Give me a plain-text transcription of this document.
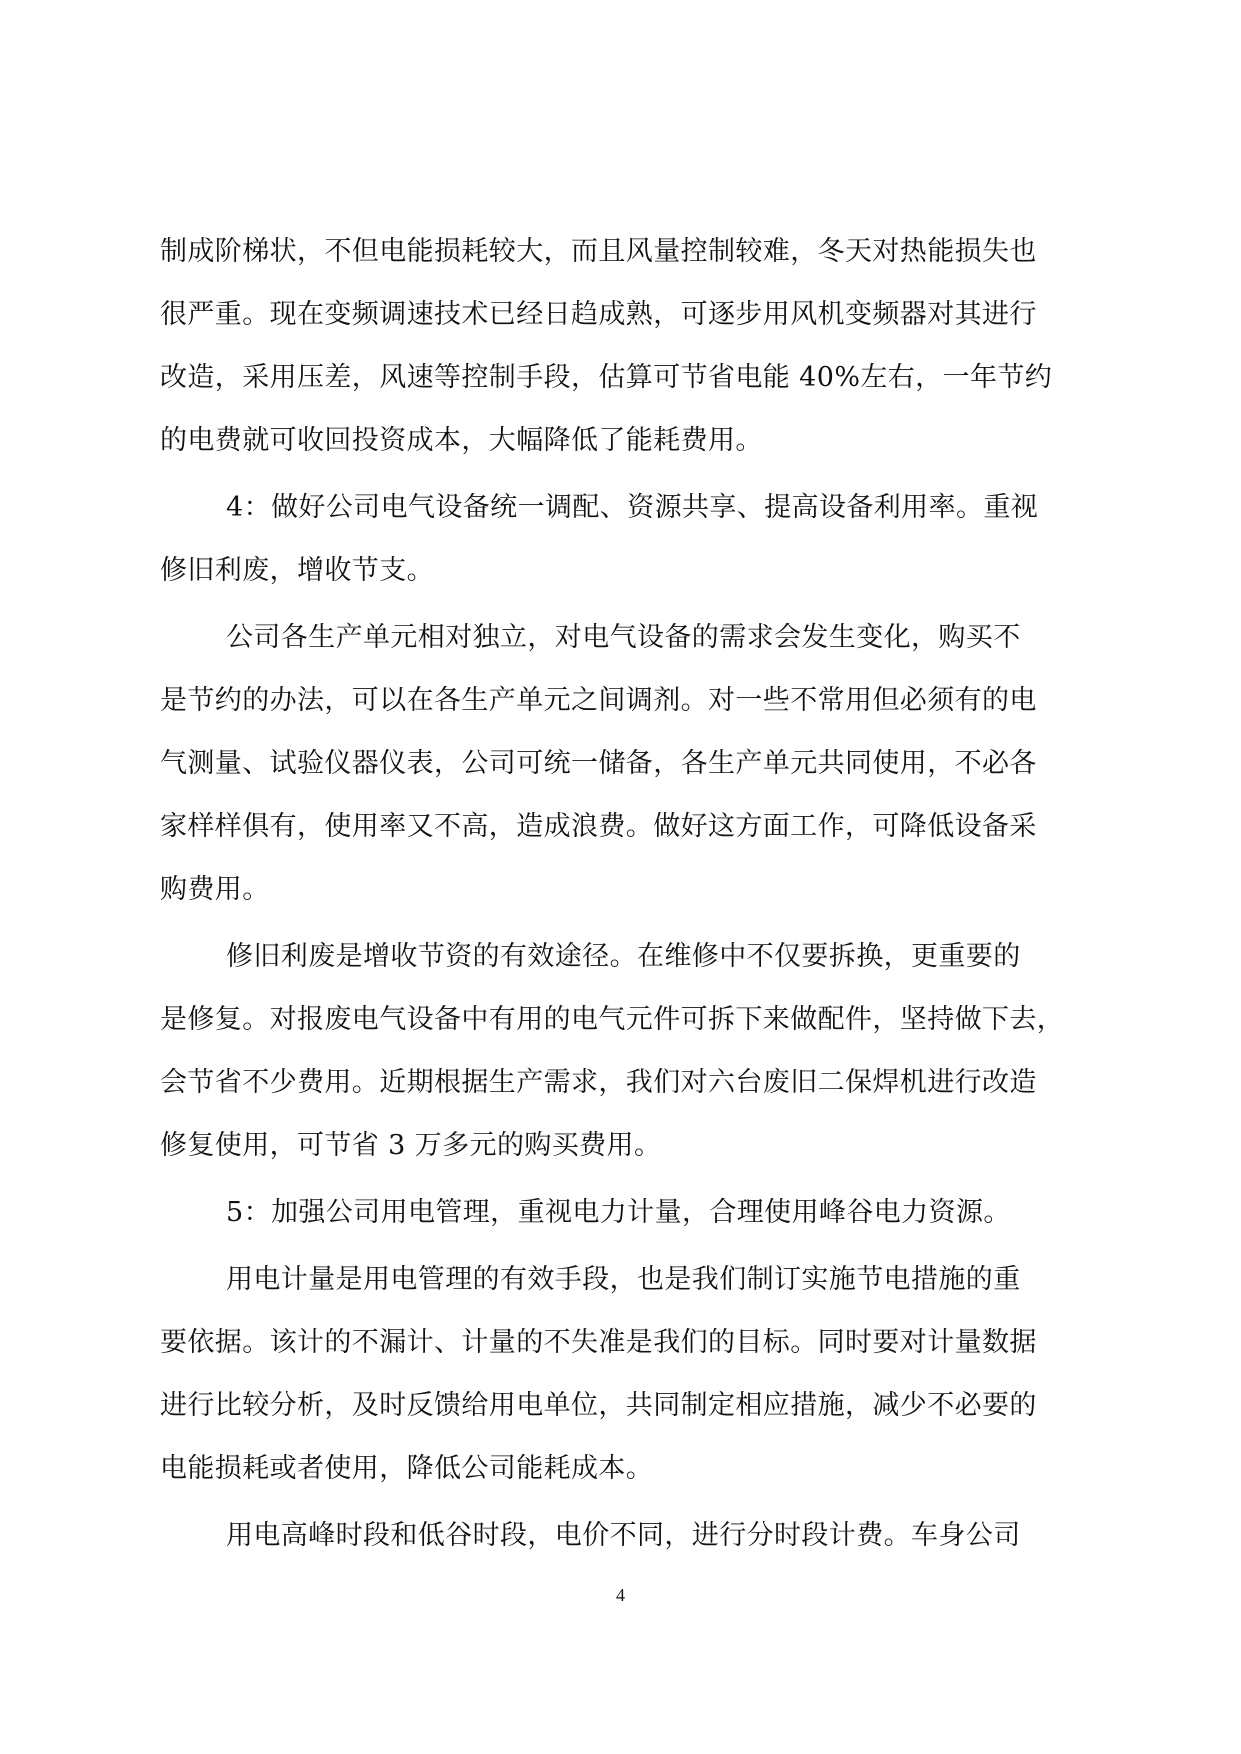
制成阶梯状，不但电能损耗较大，而且风量控制较难，冬天对热能损失也
很严重。现在变频调速技术已经日趋成熟，可逐步用风机变频器对其进行
改造，采用压差，风速等控制手段，估算可节省电能 40%左右，一年节约
的电费就可收回投资成本，大幅降低了能耗费用。

4：做好公司电气设备统一调配、资源共享、提高设备利用率。重视
修旧利废，增收节支。

公司各生产单元相对独立，对电气设备的需求会发生变化，购买不
是节约的办法，可以在各生产单元之间调剂。对一些不常用但必须有的电
气测量、试验仪器仪表，公司可统一储备，各生产单元共同使用，不必各
家样样俱有，使用率又不高，造成浪费。做好这方面工作，可降低设备采
购费用。

修旧利废是增收节资的有效途径。在维修中不仅要拆换，更重要的
是修复。对报废电气设备中有用的电气元件可拆下来做配件，坚持做下去，
会节省不少费用。近期根据生产需求，我们对六台废旧二保焊机进行改造
修复使用，可节省 3 万多元的购买费用。

5：加强公司用电管理，重视电力计量，合理使用峰谷电力资源。

用电计量是用电管理的有效手段，也是我们制订实施节电措施的重
要依据。该计的不漏计、计量的不失准是我们的目标。同时要对计量数据
进行比较分析，及时反馈给用电单位，共同制定相应措施，减少不必要的
电能损耗或者使用，降低公司能耗成本。

用电高峰时段和低谷时段，电价不同，进行分时段计费。车身公司

4
